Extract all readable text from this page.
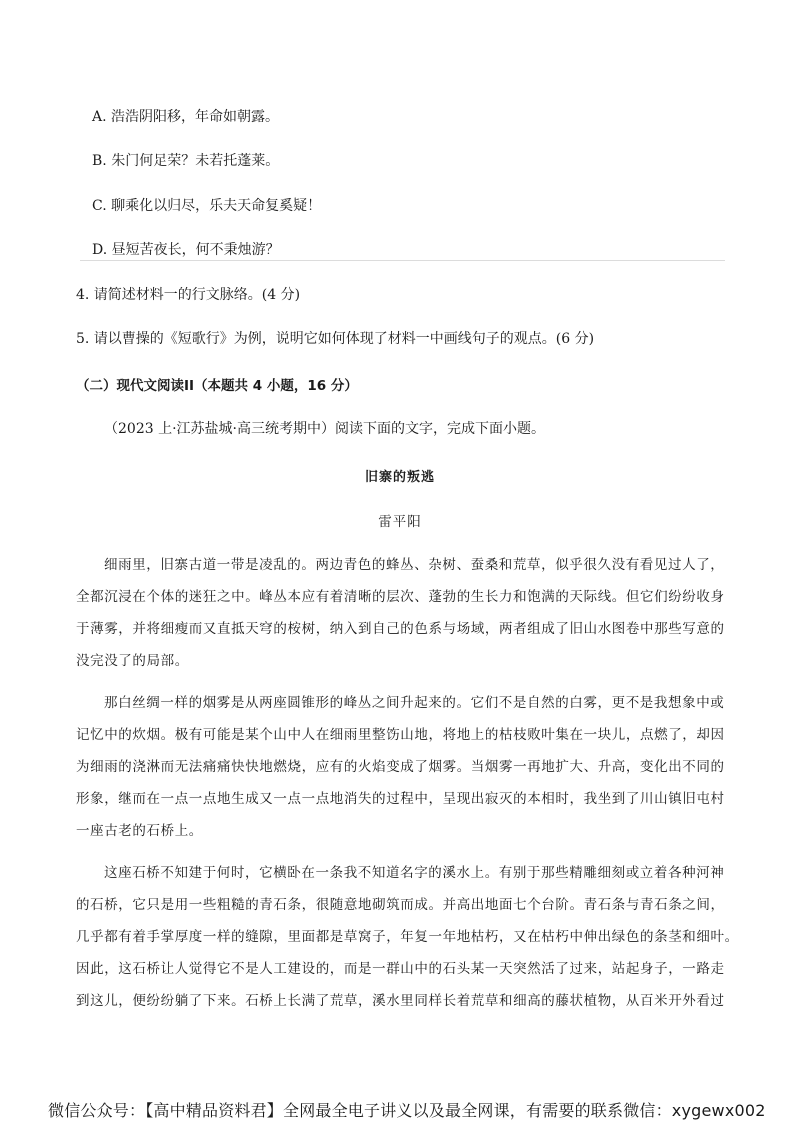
A. 浩浩阴阳移，年命如朝露。

B. 朱门何足荣？未若托蓬莱。

C. 聊乘化以归尽，乐夫天命复奚疑！

D. 昼短苦夜长，何不秉烛游？

4. 请简述材料一的行文脉络。(4 分)

5. 请以曹操的《短歌行》为例，说明它如何体现了材料一中画线句子的观点。(6 分)

（二）现代文阅读II（本题共 4 小题，16 分）

（2023 上·江苏盐城·高三统考期中）阅读下面的文字，完成下面小题。

旧寨的叛逃

雷平阳

细雨里，旧寨古道一带是凌乱的。两边青色的蜂丛、杂树、蚕桑和荒草，似乎很久没有看见过人了，

全都沉浸在个体的迷狂之中。峰丛本应有着清晰的层次、蓬勃的生长力和饱满的天际线。但它们纷纷收身

于薄雾，并将细瘦而又直抵天穹的桉树，纳入到自己的色系与场域，两者组成了旧山水图卷中那些写意的

没完没了的局部。

那白丝绸一样的烟雾是从两座圆锥形的峰丛之间升起来的。它们不是自然的白雾，更不是我想象中或

记忆中的炊烟。极有可能是某个山中人在细雨里整饬山地，将地上的枯枝败叶集在一块儿，点燃了，却因

为细雨的浇淋而无法痛痛快快地燃烧，应有的火焰变成了烟雾。当烟雾一再地扩大、升高，变化出不同的

形象，继而在一点一点地生成又一点一点地消失的过程中，呈现出寂灭的本相时，我坐到了川山镇旧屯村

一座古老的石桥上。

这座石桥不知建于何时，它横卧在一条我不知道名字的溪水上。有别于那些精雕细刻或立着各种河神

的石桥，它只是用一些粗糙的青石条，很随意地砌筑而成。并高出地面七个台阶。青石条与青石条之间，

几乎都有着手掌厚度一样的缝隙，里面都是草窝子，年复一年地枯朽，又在枯朽中伸出绿色的条茎和细叶。

因此，这石桥让人觉得它不是人工建设的，而是一群山中的石头某一天突然活了过来，站起身子，一路走

到这儿，便纷纷躺了下来。石桥上长满了荒草，溪水里同样长着荒草和细高的藤状植物，从百米开外看过

微信公众号：【高中精品资料君】全网最全电子讲义以及最全网课，有需要的联系微信：xygewx002
